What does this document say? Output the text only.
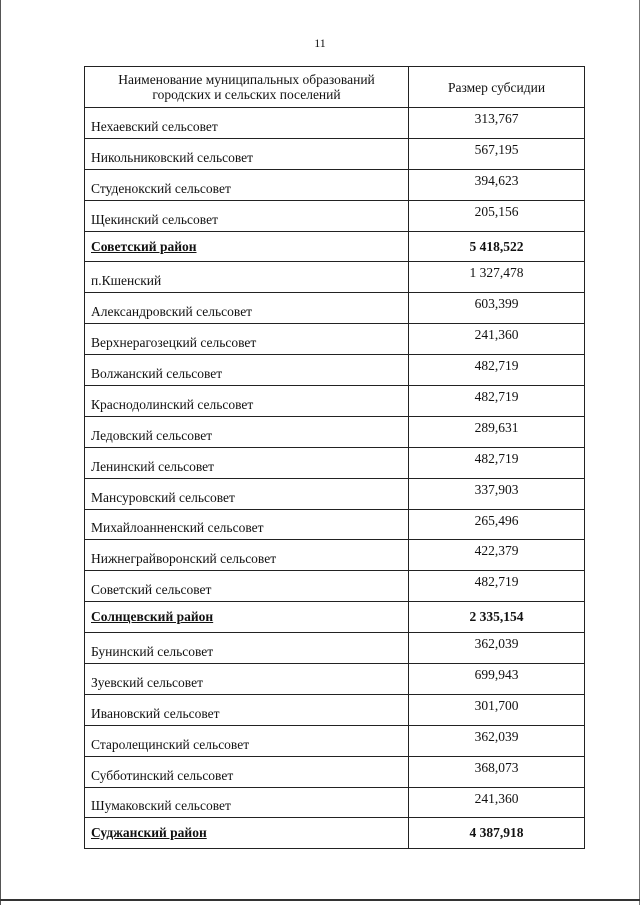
11
Наименование муниципальных образований городских и сельских поселений	Размер субсидии
Нехаевский сельсовет	313,767
Никольниковский сельсовет	567,195
Студенокский сельсовет	394,623
Щекинский сельсовет	205,156
Советский район	5 418,522
п.Кшенский	1 327,478
Александровский сельсовет	603,399
Верхнерагозецкий сельсовет	241,360
Волжанский сельсовет	482,719
Краснодолинский сельсовет	482,719
Ледовский сельсовет	289,631
Ленинский сельсовет	482,719
Мансуровский сельсовет	337,903
Михайлоанненский сельсовет	265,496
Нижнеграйворонский сельсовет	422,379
Советский сельсовет	482,719
Солнцевский район	2 335,154
Бунинский сельсовет	362,039
Зуевский сельсовет	699,943
Ивановский сельсовет	301,700
Старолещинский сельсовет	362,039
Субботинский сельсовет	368,073
Шумаковский сельсовет	241,360
Суджанский район	4 387,918
